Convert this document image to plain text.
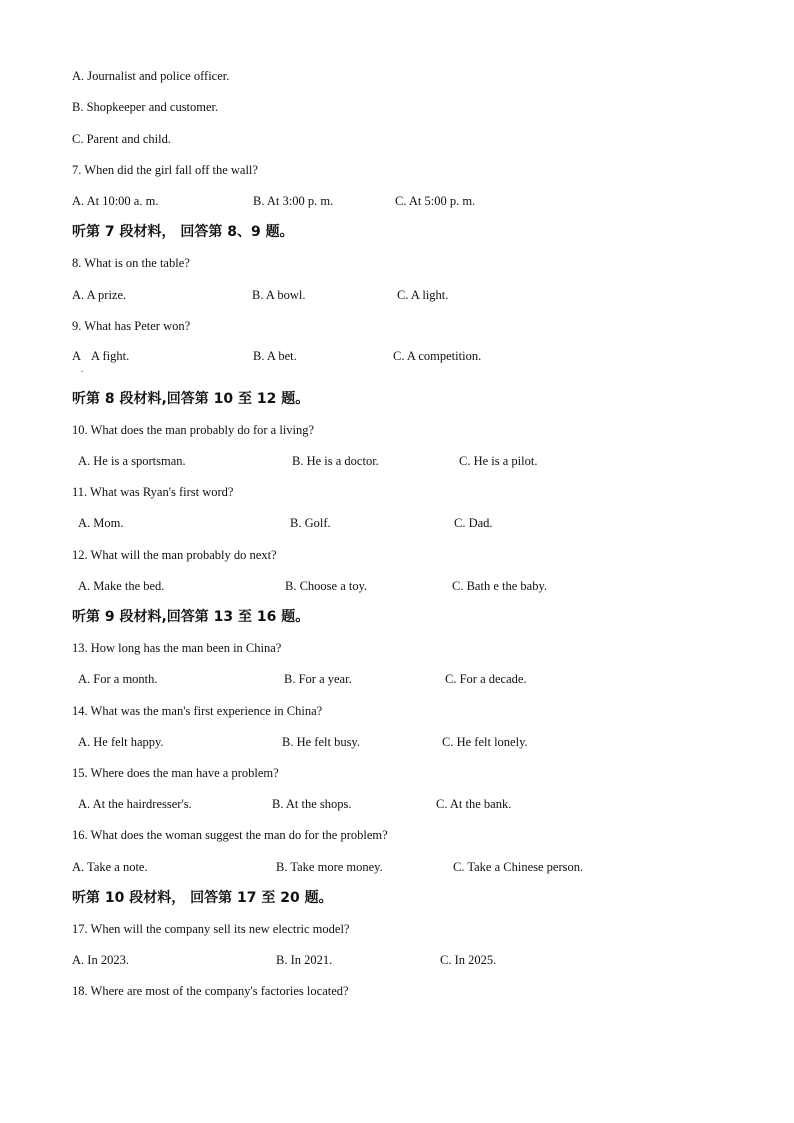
A. Journalist and police officer.
B. Shopkeeper and customer.
C. Parent and child.
7. When did the girl fall off the wall?
A. At 10:00 a. m.	B. At 3:00 p. m.	C. At 5:00 p. m.
听第 7 段材料， 回答第 8、9 题。
8. What is on the table?
A. A prize.	B. A bowl.	C. A light.
9. What has Peter won?
A
.
A fight.	B. A bet.	C. A competition.
听第 8 段材料,回答第 10 至 12 题。
10. What does the man probably do for a living?
A. He is a sportsman.	B. He is a doctor.	C. He is a pilot.
11. What was Ryan's first word?
A. Mom.	B. Golf.	C. Dad.
12. What will the man probably do next?
A. Make the bed.	B. Choose a toy.	C. Bath e the baby.
听第 9 段材料,回答第 13 至 16 题。
13. How long has the man been in China?
A. For a month.	B. For a year.	C. For a decade.
14. What was the man's first experience in China?
A. He felt happy.	B. He felt busy.	C. He felt lonely.
15. Where does the man have a problem?
A. At the hairdresser's.	B. At the shops.	C. At the bank.
16. What does the woman suggest the man do for the problem?
A. Take a note.	B. Take more money.	C. Take a Chinese person.
听第 10 段材料， 回答第 17 至 20 题。
17. When will the company sell its new electric model?
A. In 2023.	B. In 2021.	C. In 2025.
18. Where are most of the company's factories located?
